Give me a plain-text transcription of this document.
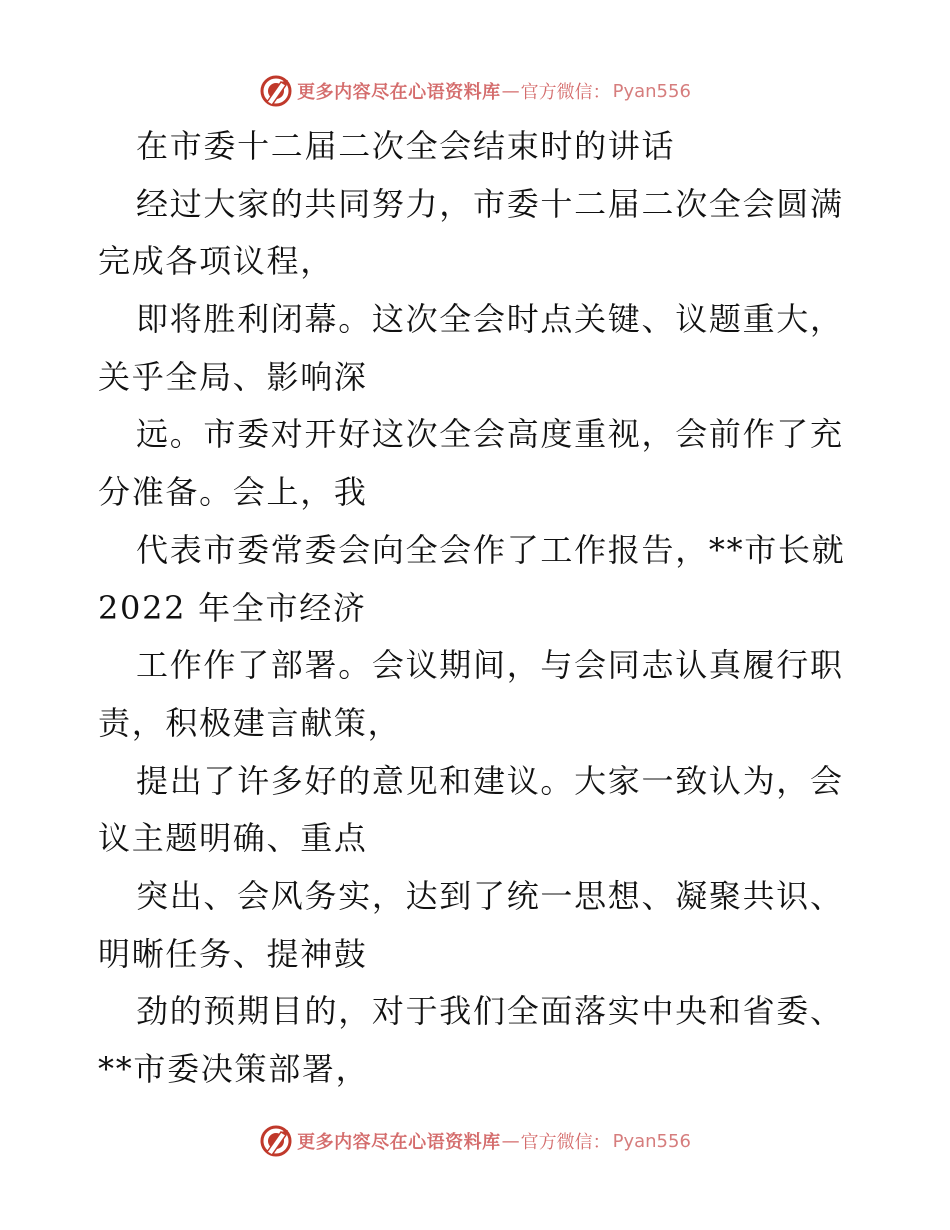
更多内容尽在心语资料库 — 官方微信： Pyan556
在市委十二届二次全会结束时的讲话
经过大家的共同努力，市委十二届二次全会圆满
完成各项议程，
即将胜利闭幕。这次全会时点关键、议题重大，
关乎全局、影响深
远。市委对开好这次全会高度重视，会前作了充
分准备。会上，我
代表市委常委会向全会作了工作报告，**市长就
2022 年全市经济
工作作了部署。会议期间，与会同志认真履行职
责，积极建言献策，
提出了许多好的意见和建议。大家一致认为，会
议主题明确、重点
突出、会风务实，达到了统一思想、凝聚共识、
明晰任务、提神鼓
劲的预期目的，对于我们全面落实中央和省委、
**市委决策部署，
更多内容尽在心语资料库 — 官方微信： Pyan556
